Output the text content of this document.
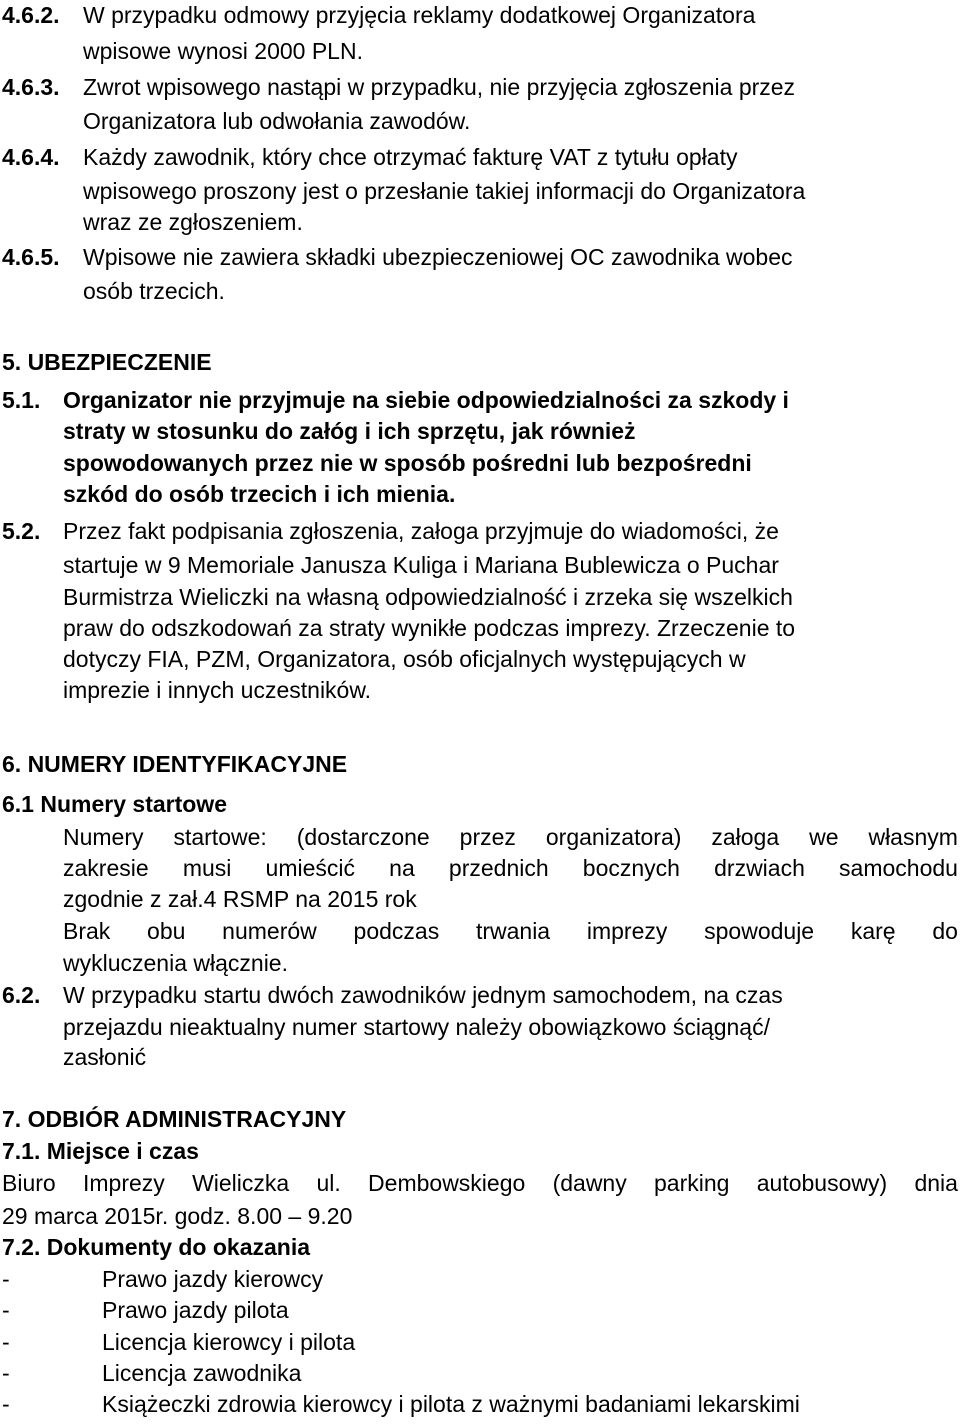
4.6.2. W przypadku odmowy przyjęcia reklamy dodatkowej Organizatora
wpisowe wynosi 2000 PLN.
4.6.3. Zwrot wpisowego nastąpi w przypadku, nie przyjęcia zgłoszenia przez
Organizatora lub odwołania zawodów.
4.6.4. Każdy zawodnik, który chce otrzymać fakturę VAT z tytułu opłaty
wpisowego proszony jest o przesłanie takiej informacji do Organizatora
wraz ze zgłoszeniem.
4.6.5. Wpisowe nie zawiera składki ubezpieczeniowej OC zawodnika wobec
osób trzecich.
5. UBEZPIECZENIE
5.1. Organizator nie przyjmuje na siebie odpowiedzialności za szkody i
straty w stosunku do załóg i ich sprzętu, jak również
spowodowanych przez nie w sposób pośredni lub bezpośredni
szkód do osób trzecich i ich mienia.
5.2. Przez fakt podpisania zgłoszenia, załoga przyjmuje do wiadomości, że
startuje w 9 Memoriale Janusza Kuliga i Mariana Bublewicza o Puchar
Burmistrza Wieliczki na własną odpowiedzialność i zrzeka się wszelkich
praw do odszkodowań za straty wynikłe podczas imprezy. Zrzeczenie to
dotyczy FIA, PZM, Organizatora, osób oficjalnych występujących w
imprezie i innych uczestników.
6. NUMERY IDENTYFIKACYJNE
6.1 Numery startowe
Numery startowe: (dostarczone przez organizatora) załoga we własnym
zakresie musi umieścić na przednich bocznych drzwiach samochodu
zgodnie z zał.4 RSMP na 2015 rok
Brak obu numerów podczas trwania imprezy spowoduje karę do
wykluczenia włącznie.
6.2. W przypadku startu dwóch zawodników jednym samochodem, na czas
przejazdu nieaktualny numer startowy należy obowiązkowo ściągnąć/
zasłonić
7. ODBIÓR ADMINISTRACYJNY
7.1. Miejsce i czas
Biuro Imprezy Wieliczka ul. Dembowskiego (dawny parking autobusowy) dnia
29 marca 2015r. godz. 8.00 – 9.20
7.2. Dokumenty do okazania
-	Prawo jazdy kierowcy
-	Prawo jazdy pilota
-	Licencja kierowcy i pilota
-	Licencja zawodnika
-	Książeczki zdrowia kierowcy i pilota z ważnymi badaniami lekarskimi
